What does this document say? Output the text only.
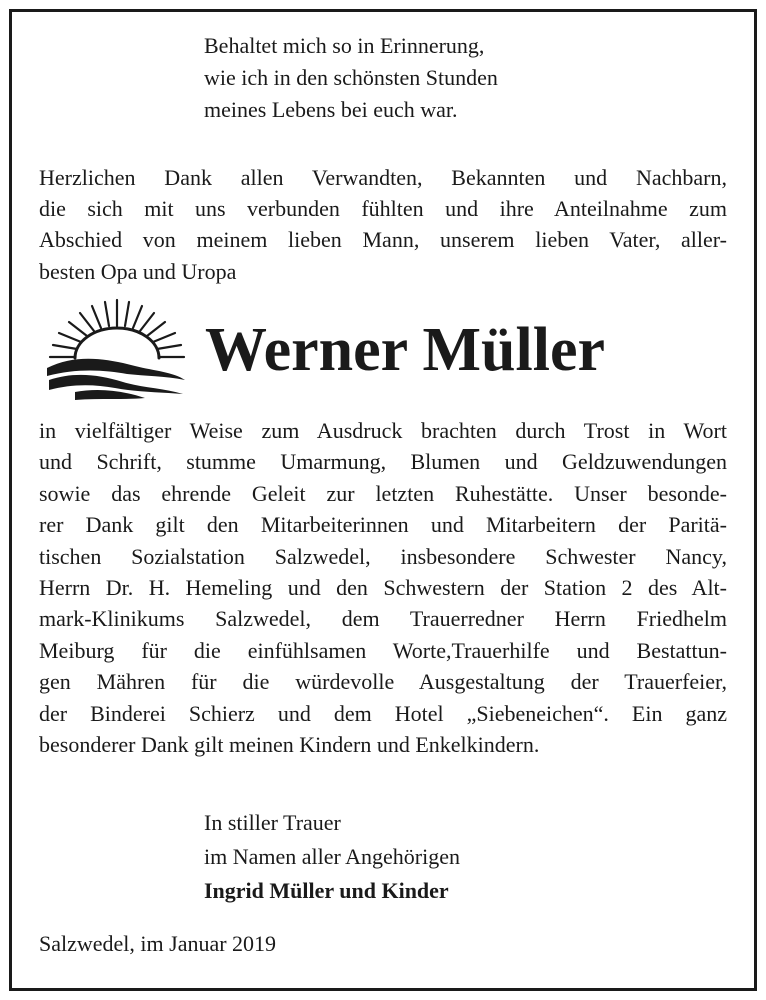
Behaltet mich so in Erinnerung,
wie ich in den schönsten Stunden
meines Lebens bei euch war.
Herzlichen Dank allen Verwandten, Bekannten und Nachbarn,
die sich mit uns verbunden fühlten und ihre Anteilnahme zum
Abschied von meinem lieben Mann, unserem lieben Vater, aller-
besten Opa und Uropa
Werner Müller
in vielfältiger Weise zum Ausdruck brachten durch Trost in Wort
und Schrift, stumme Umarmung, Blumen und Geldzuwendungen
sowie das ehrende Geleit zur letzten Ruhestätte. Unser besonde-
rer Dank gilt den Mitarbeiterinnen und Mitarbeitern der Paritä-
tischen Sozialstation Salzwedel, insbesondere Schwester Nancy,
Herrn Dr. H. Hemeling und den Schwestern der Station 2 des Alt-
mark-Klinikums Salzwedel, dem Trauerredner Herrn Friedhelm
Meiburg für die einfühlsamen Worte,Trauerhilfe und Bestattun-
gen Mähren für die würdevolle Ausgestaltung der Trauerfeier,
der Binderei Schierz und dem Hotel „Siebeneichen“. Ein ganz
besonderer Dank gilt meinen Kindern und Enkelkindern.
In stiller Trauer
im Namen aller Angehörigen
Ingrid Müller und Kinder
Salzwedel, im Januar 2019
